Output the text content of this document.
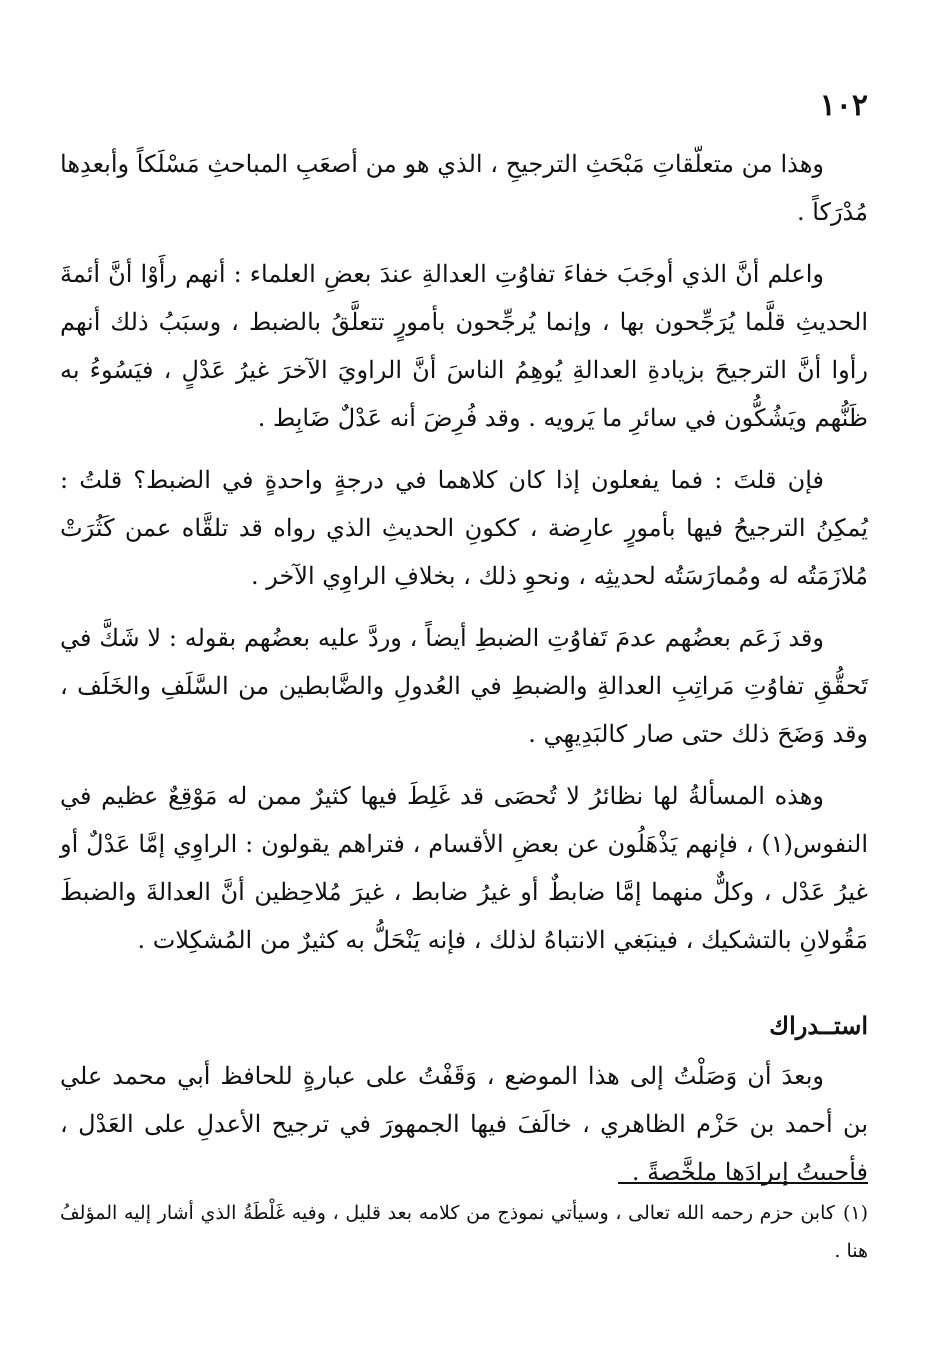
١٠٢

وهذا من متعلّقاتِ مَبْحَثِ الترجيحِ ، الذي هو من أصعَبِ المباحثِ مَسْلَكاً وأبعدِها مُدْرَكاً .

واعلم أنَّ الذي أوجَبَ خفاءَ تفاوُتِ العدالةِ عندَ بعضِ العلماء : أنهم رأَوْا أنَّ أئمةَ الحديثِ قلَّما يُرَجِّحون بها ، وإنما يُرجِّحون بأمورٍ تتعلَّقُ بالضبط ، وسبَبُ ذلك أنهم رأوا أنَّ الترجيحَ بزيادةِ العدالةِ يُوهِمُ الناسَ أنَّ الراويَ الآخرَ غيرُ عَدْلٍ ، فيَسُوءُ به ظَنُّهم ويَشُكُّون في سائرِ ما يَرويه . وقد فُرِضَ أنه عَدْلٌ ضَابِط .

فإن قلتَ : فما يفعلون إذا كان كلاهما في درجةٍ واحدةٍ في الضبط؟ قلتُ : يُمكِنُ الترجيحُ فيها بأمورٍ عارِضة ، ككونِ الحديثِ الذي رواه قد تلقَّاه عمن كَثُرَتْ مُلازَمَتُه له ومُمارَسَتُه لحديثِه ، ونحوِ ذلك ، بخلافِ الراوِي الآخر .

وقد زَعَم بعضُهم عدمَ تَفاوُتِ الضبطِ أيضاً ، وردَّ عليه بعضُهم بقوله : لا شَكَّ في تَحقُّقِ تفاوُتِ مَراتِبِ العدالةِ والضبطِ في العُدولِ والضَّابطين من السَّلَفِ والخَلَف ، وقد وَضَحَ ذلك حتى صار كالبَدِيهِي .

وهذه المسألةُ لها نظائرُ لا تُحصَى قد غَلِطَ فيها كثيرٌ ممن له مَوْقِعٌ عظيم في النفوس(١) ، فإنهم يَذْهَلُون عن بعضِ الأقسام ، فتراهم يقولون : الراوِي إمَّا عَدْلٌ أو غيرُ عَدْل ، وكلٌّ منهما إمَّا ضابطٌ أو غيرُ ضابط ، غيرَ مُلاحِظين أنَّ العدالةَ والضبطَ مَقُولانِ بالتشكيك ، فينبَغي الانتباهُ لذلك ، فإنه يَنْحَلُّ به كثيرٌ من المُشكِلات .

استــدراك

وبعدَ أن وَصَلْتُ إلى هذا الموضع ، وَقَفْتُ على عبارةٍ للحافظ أبي محمد علي بن أحمد بن حَزْم الظاهري ، خالَفَ فيها الجمهورَ في ترجيح الأعدلِ على العَدْل ، فأحببتُ إيرادَها ملخَّصةً .

(١)كابن حزم رحمه الله تعالى ، وسيأتي نموذج من كلامه بعد قليل ، وفيه غَلْطَةُ الذي أشار إليه المؤلفُ هنا .
